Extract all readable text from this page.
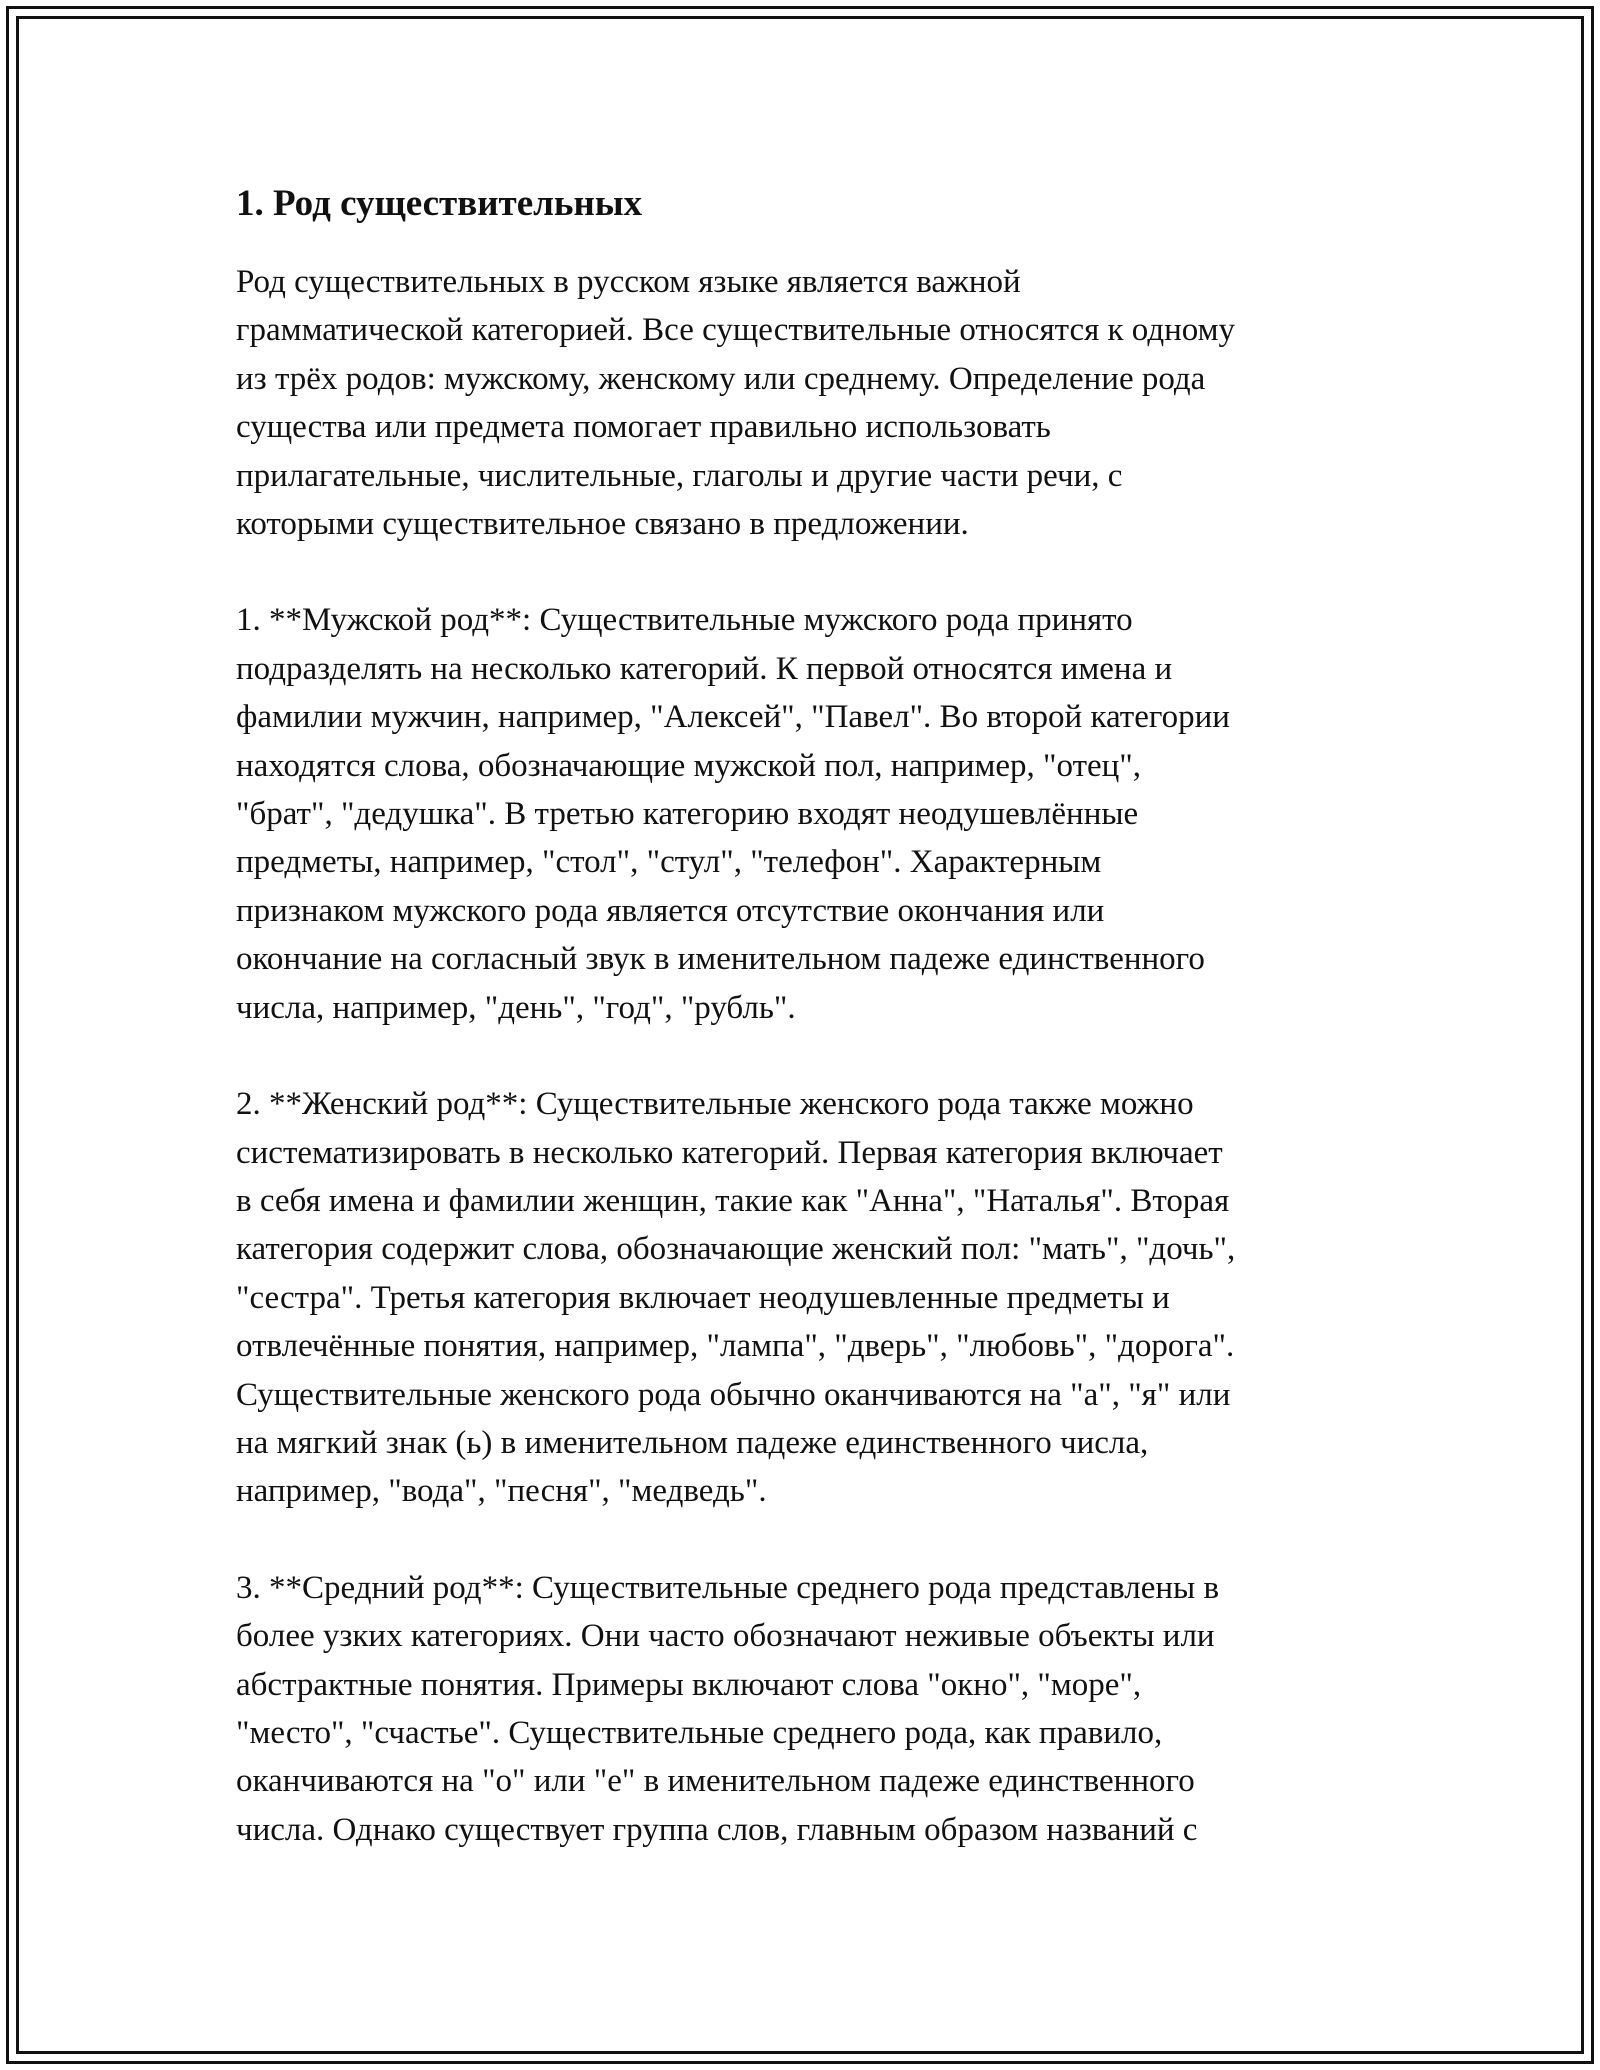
1. Род существительных

Род существительных в русском языке является важной
грамматической категорией. Все существительные относятся к одному
из трёх родов: мужскому, женскому или среднему. Определение рода
существа или предмета помогает правильно использовать
прилагательные, числительные, глаголы и другие части речи, с
которыми существительное связано в предложении.

1. **Мужской род**: Существительные мужского рода принято
подразделять на несколько категорий. К первой относятся имена и
фамилии мужчин, например, "Алексей", "Павел". Во второй категории
находятся слова, обозначающие мужской пол, например, "отец",
"брат", "дедушка". В третью категорию входят неодушевлённые
предметы, например, "стол", "стул", "телефон". Характерным
признаком мужского рода является отсутствие окончания или
окончание на согласный звук в именительном падеже единственного
числа, например, "день", "год", "рубль".

2. **Женский род**: Существительные женского рода также можно
систематизировать в несколько категорий. Первая категория включает
в себя имена и фамилии женщин, такие как "Анна", "Наталья". Вторая
категория содержит слова, обозначающие женский пол: "мать", "дочь",
"сестра". Третья категория включает неодушевленные предметы и
отвлечённые понятия, например, "лампа", "дверь", "любовь", "дорога".
Существительные женского рода обычно оканчиваются на "а", "я" или
на мягкий знак (ь) в именительном падеже единственного числа,
например, "вода", "песня", "медведь".

3. **Средний род**: Существительные среднего рода представлены в
более узких категориях. Они часто обозначают неживые объекты или
абстрактные понятия. Примеры включают слова "окно", "море",
"место", "счастье". Существительные среднего рода, как правило,
оканчиваются на "о" или "е" в именительном падеже единственного
числа. Однако существует группа слов, главным образом названий с
